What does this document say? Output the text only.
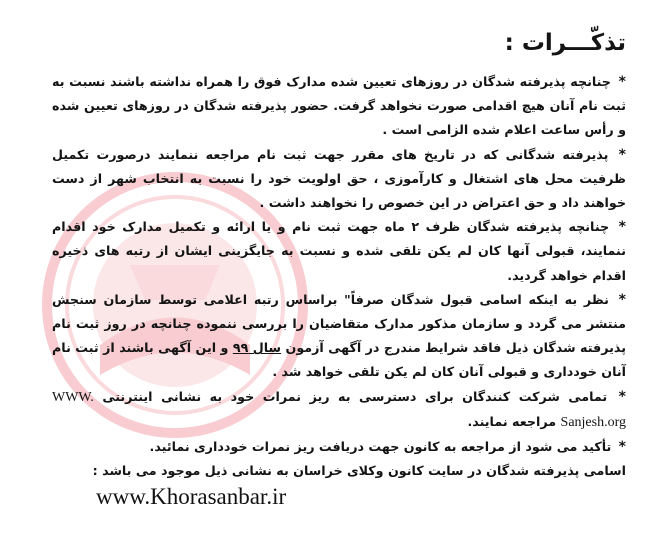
تذکّـــرات :

* چنانچه پذیرفته شدگان در روزهای تعیین شده مدارک فوق را همراه نداشته باشند نسبت به ثبت نام آنان هیچ اقدامی صورت نخواهد گرفت. حضور پذیرفته شدگان در روزهای تعیین شده و رأس ساعت اعلام شده الزامی است .

* پذیرفته شدگانی که در تاریخ های مقرر جهت ثبت نام مراجعه ننمایند درصورت تکمیل ظرفیت محل های اشتغال و کارآموزی ، حق اولویت خود را نسبت به انتخاب شهر از دست خواهند داد و حق اعتراض در این خصوص را نخواهند داشت .

* چنانچه پذیرفته شدگان ظرف ۲ ماه جهت ثبت نام و یا ارائه و تکمیل مدارک خود اقدام ننمایند، قبولی آنها کان لم یکن تلقی شده و نسبت به جایگزینی ایشان از رتبه های ذخیره اقدام خواهد گردید.

* نظر به اینکه اسامی قبول شدگان صرفاً" براساس رتبه اعلامی توسط سازمان سنجش منتشر می گردد و سازمان مذکور مدارک متقاضیان را بررسی ننموده چنانچه در روز ثبت نام پذیرفته شدگان ذیل فاقد شرایط مندرج در آگهی آزمون سال ۹۹ و این آگهی باشند از ثبت نام آنان خودداری و قبولی آنان کان لم یکن تلقی خواهد شد .

* تمامی شرکت کنندگان برای دسترسی به ریز نمرات خود به نشانی اینترنتی WWW. Sanjesh.org مراجعه نمایند.

* تأکید می شود از مراجعه به کانون جهت دریافت ریز نمرات خودداری نمائید.

اسامی پذیرفته شدگان در سایت کانون وکلای خراسان به نشانی ذیل موجود می باشد :

www.Khorasanbar.ir
